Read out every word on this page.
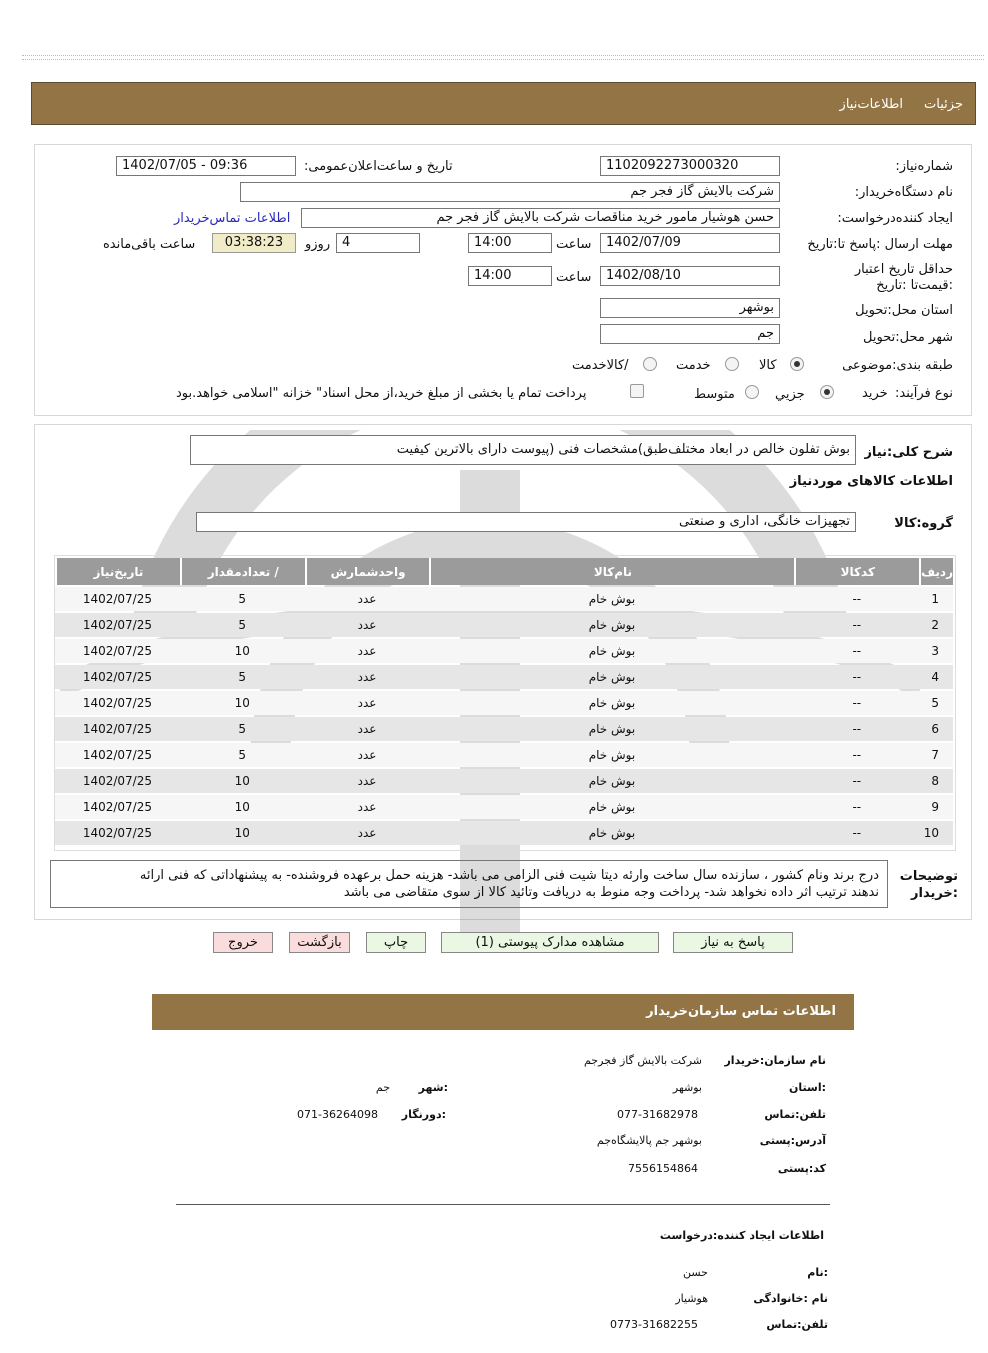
جزئیات
اطلاعات‌نیاز
شماره‌نیاز:
1102092273000320
تاریخ و ساعت‌اعلان‌عمومی:
1402/07/05 - 09:36
نام دستگاه‌خریدار:
شرکت بالایش گاز فجر جم
ایجاد کننده‌درخواست:
حسن هوشیار مامور خرید مناقصات شرکت بالایش گاز فجر جم
اطلاعات تماس‌خریدار
مهلت ارسال :پاسخ تا:تاریخ
1402/07/09
ساعت
14:00
4
روزو
03:38:23
ساعت باقی‌مانده
حداقل تاریخ اعتبار :قیمت‌تا :تاریخ
1402/08/10
ساعت
14:00
استان محل:تحویل
بوشهر
شهر محل:تحویل
جم
طبقه بندی:موضوعی
کالا
خدمت
/کالاخدمت
نوع فرآیند:
خرید
جزیي
متوسط
پرداخت تمام یا بخشی از مبلغ خرید،از محل اسناد" خزانه "اسلامی خواهد.بود
شرح کلی:نیاز
بوش تفلون خالص در ابعاد مختلف‌طبق)مشخصات فنی (پیوست دارای بالاترین کیفیت
اطلاعات کالاهای موردنیاز
گروه:کالا
تجهیزات خانگی، اداری و صنعتی
ردیف	کدکالا	نام‌کالا	واحدشمارش	/ تعدادمقدار	تاریخ‌نیاز
1	--	بوش خام	عدد	5	1402/07/25
2	--	بوش خام	عدد	5	1402/07/25
3	--	بوش خام	عدد	10	1402/07/25
4	--	بوش خام	عدد	5	1402/07/25
5	--	بوش خام	عدد	10	1402/07/25
6	--	بوش خام	عدد	5	1402/07/25
7	--	بوش خام	عدد	5	1402/07/25
8	--	بوش خام	عدد	10	1402/07/25
9	--	بوش خام	عدد	10	1402/07/25
10	--	بوش خام	عدد	10	1402/07/25
توضیحات :خریدار
درج برند ونام کشور ، سازنده سال ساخت وارئه دیتا شیت فنی الزامی می باشد- هزینه حمل برعهده فروشنده- به پیشنهاداتی که فنی ارائه
ندهند ترتیب اثر داده نخواهد شد- پرداخت وجه منوط به دریافت وتائید کالا از سوی متقاضی می باشد
پاسخ به نیاز
مشاهده مدارک پیوستی (1)
چاپ
بازگشت
خروج
اطلاعات تماس سازمان‌خریدار
نام سازمان:خریدار
شرکت بالایش گاز فجرجم
:استان
بوشهر
:شهر
جم
تلفن:تماس
077-31682978
:دورنگار
071-36264098
آدرس:پستی
بوشهر جم پالایشگاه‌جم
کد:پستی
7556154864
اطلاعات ایجاد کننده:درخواست
:نام
حسن
نام :خانوادگی
هوشیار
تلفن:تماس
0773-31682255
